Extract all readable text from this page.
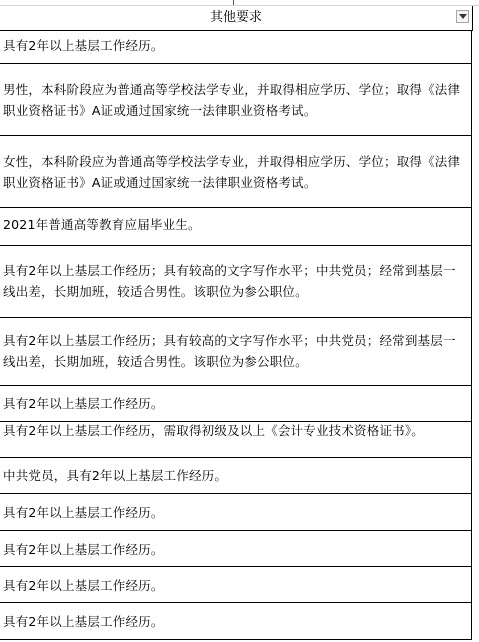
其他要求
具有2年以上基层工作经历。
男性，本科阶段应为普通高等学校法学专业，并取得相应学历、学位；取得《法律职业资格证书》A证或通过国家统一法律职业资格考试。
女性，本科阶段应为普通高等学校法学专业，并取得相应学历、学位；取得《法律职业资格证书》A证或通过国家统一法律职业资格考试。
2021年普通高等教育应届毕业生。
具有2年以上基层工作经历；具有较高的文字写作水平；中共党员；经常到基层一线出差，长期加班，较适合男性。该职位为参公职位。
具有2年以上基层工作经历；具有较高的文字写作水平；中共党员；经常到基层一线出差，长期加班，较适合男性。该职位为参公职位。
具有2年以上基层工作经历。
具有2年以上基层工作经历，需取得初级及以上《会计专业技术资格证书》。
中共党员，具有2年以上基层工作经历。
具有2年以上基层工作经历。
具有2年以上基层工作经历。
具有2年以上基层工作经历。
具有2年以上基层工作经历。
